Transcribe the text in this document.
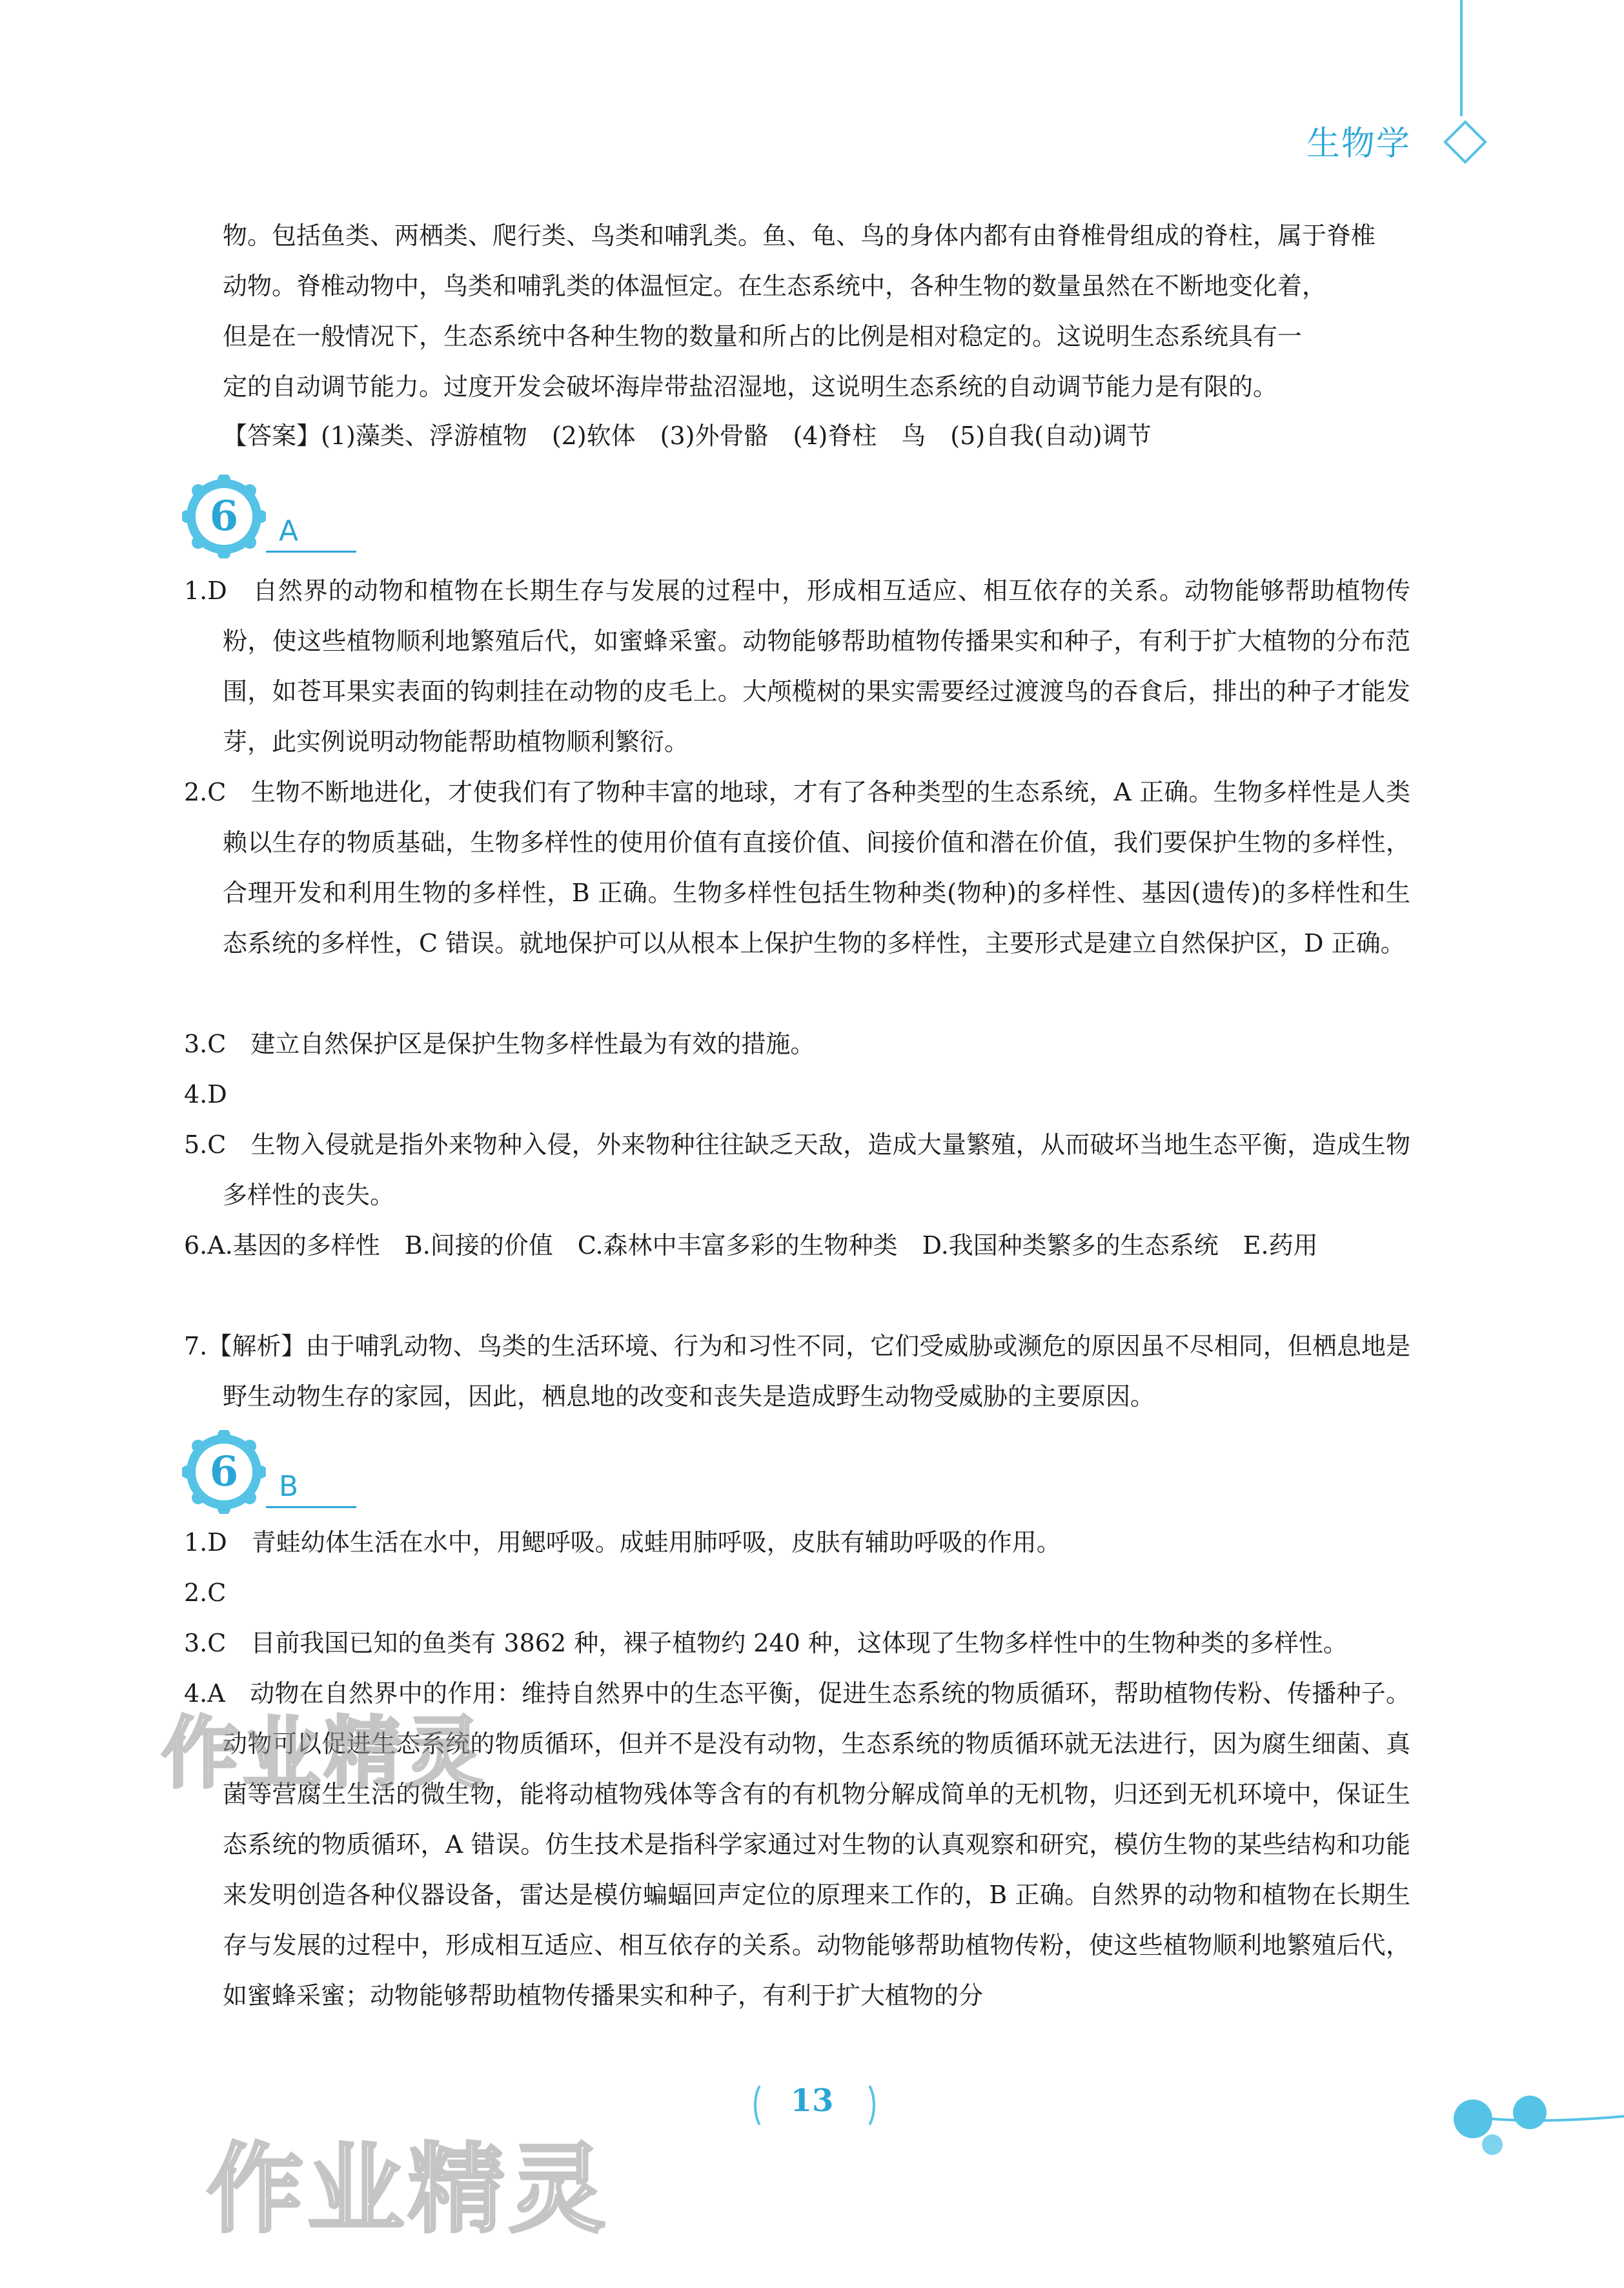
生物学
物。包括鱼类、两栖类、爬行类、鸟类和哺乳类。鱼、龟、鸟的身体内都有由脊椎骨组成的脊柱，属于脊椎
动物。脊椎动物中，鸟类和哺乳类的体温恒定。在生态系统中，各种生物的数量虽然在不断地变化着，
但是在一般情况下，生态系统中各种生物的数量和所占的比例是相对稳定的。这说明生态系统具有一
定的自动调节能力。过度开发会破坏海岸带盐沼湿地，这说明生态系统的自动调节能力是有限的。
【答案】(1)藻类、浮游植物　(2)软体　(3)外骨骼　(4)脊柱　鸟　(5)自我(自动)调节
6	A
1.D　自然界的动物和植物在长期生存与发展的过程中，形成相互适应、相互依存的关系。动物能够帮助植物传粉，使这些植物顺利地繁殖后代，如蜜蜂采蜜。动物能够帮助植物传播果实和种子，有利于扩大植物的分布范围，如苍耳果实表面的钩刺挂在动物的皮毛上。大颅榄树的果实需要经过渡渡鸟的吞食后，排出的种子才能发芽，此实例说明动物能帮助植物顺利繁衍。
2.C　生物不断地进化，才使我们有了物种丰富的地球，才有了各种类型的生态系统，A 正确。生物多样性是人类赖以生存的物质基础，生物多样性的使用价值有直接价值、间接价值和潜在价值，我们要保护生物的多样性，合理开发和利用生物的多样性，B 正确。生物多样性包括生物种类(物种)的多样性、基因(遗传)的多样性和生态系统的多样性，C 错误。就地保护可以从根本上保护生物的多样性，主要形式是建立自然保护区，D 正确。
3.C　建立自然保护区是保护生物多样性最为有效的措施。
4.D
5.C　生物入侵就是指外来物种入侵，外来物种往往缺乏天敌，造成大量繁殖，从而破坏当地生态平衡，造成生物多样性的丧失。
6.A.基因的多样性　B.间接的价值　C.森林中丰富多彩的生物种类　D.我国种类繁多的生态系统　E.药用
7.【解析】由于哺乳动物、鸟类的生活环境、行为和习性不同，它们受威胁或濒危的原因虽不尽相同，但栖息地是野生动物生存的家园，因此，栖息地的改变和丧失是造成野生动物受威胁的主要原因。
6	B
1.D　青蛙幼体生活在水中，用鳃呼吸。成蛙用肺呼吸，皮肤有辅助呼吸的作用。
2.C
3.C　目前我国已知的鱼类有 3862 种，裸子植物约 240 种，这体现了生物多样性中的生物种类的多样性。
4.A　动物在自然界中的作用：维持自然界中的生态平衡，促进生态系统的物质循环，帮助植物传粉、传播种子。动物可以促进生态系统的物质循环，但并不是没有动物，生态系统的物质循环就无法进行，因为腐生细菌、真菌等营腐生生活的微生物，能将动植物残体等含有的有机物分解成简单的无机物，归还到无机环境中，保证生态系统的物质循环，A 错误。仿生技术是指科学家通过对生物的认真观察和研究，模仿生物的某些结构和功能来发明创造各种仪器设备，雷达是模仿蝙蝠回声定位的原理来工作的，B 正确。自然界的动物和植物在长期生存与发展的过程中，形成相互适应、相互依存的关系。动物能够帮助植物传粉，使这些植物顺利地繁殖后代，如蜜蜂采蜜；动物能够帮助植物传播果实和种子，有利于扩大植物的分
作业精灵
作业精灵
13
